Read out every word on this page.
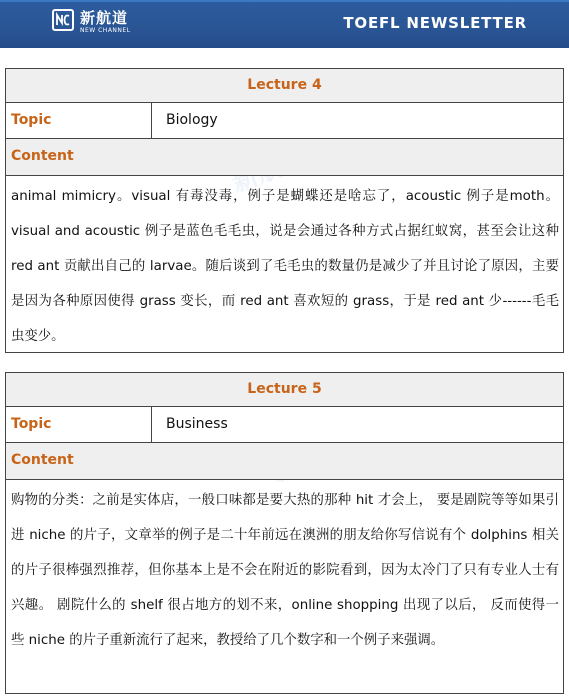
新航道
NEW CHANNEL	TOEFL NEWSLETTER
Lecture 4
Topic	Biology
Content
animal mimicry。visual 有毒没毒，例子是蝴蝶还是啥忘了，acoustic 例子是moth。visual and acoustic 例子是蓝色毛毛虫，说是会通过各种方式占据红蚁窝，甚至会让这种 red ant 贡献出自己的 larvae。随后谈到了毛毛虫的数量仍是减少了并且讨论了原因，主要是因为各种原因使得 grass 变长，而 red ant 喜欢短的 grass，于是 red ant 少------毛毛虫变少。
Lecture 5
Topic	Business
Content
购物的分类：之前是实体店，一般口味都是要大热的那种 hit 才会上， 要是剧院等等如果引进 niche 的片子，文章举的例子是二十年前远在澳洲的朋友给你写信说有个 dolphins 相关的片子很棒强烈推荐，但你基本上是不会在附近的影院看到，因为太冷门了只有专业人士有兴趣。 剧院什么的 shelf 很占地方的划不来，online shopping 出现了以后， 反而使得一些 niche 的片子重新流行了起来，教授给了几个数字和一个例子来强调。
